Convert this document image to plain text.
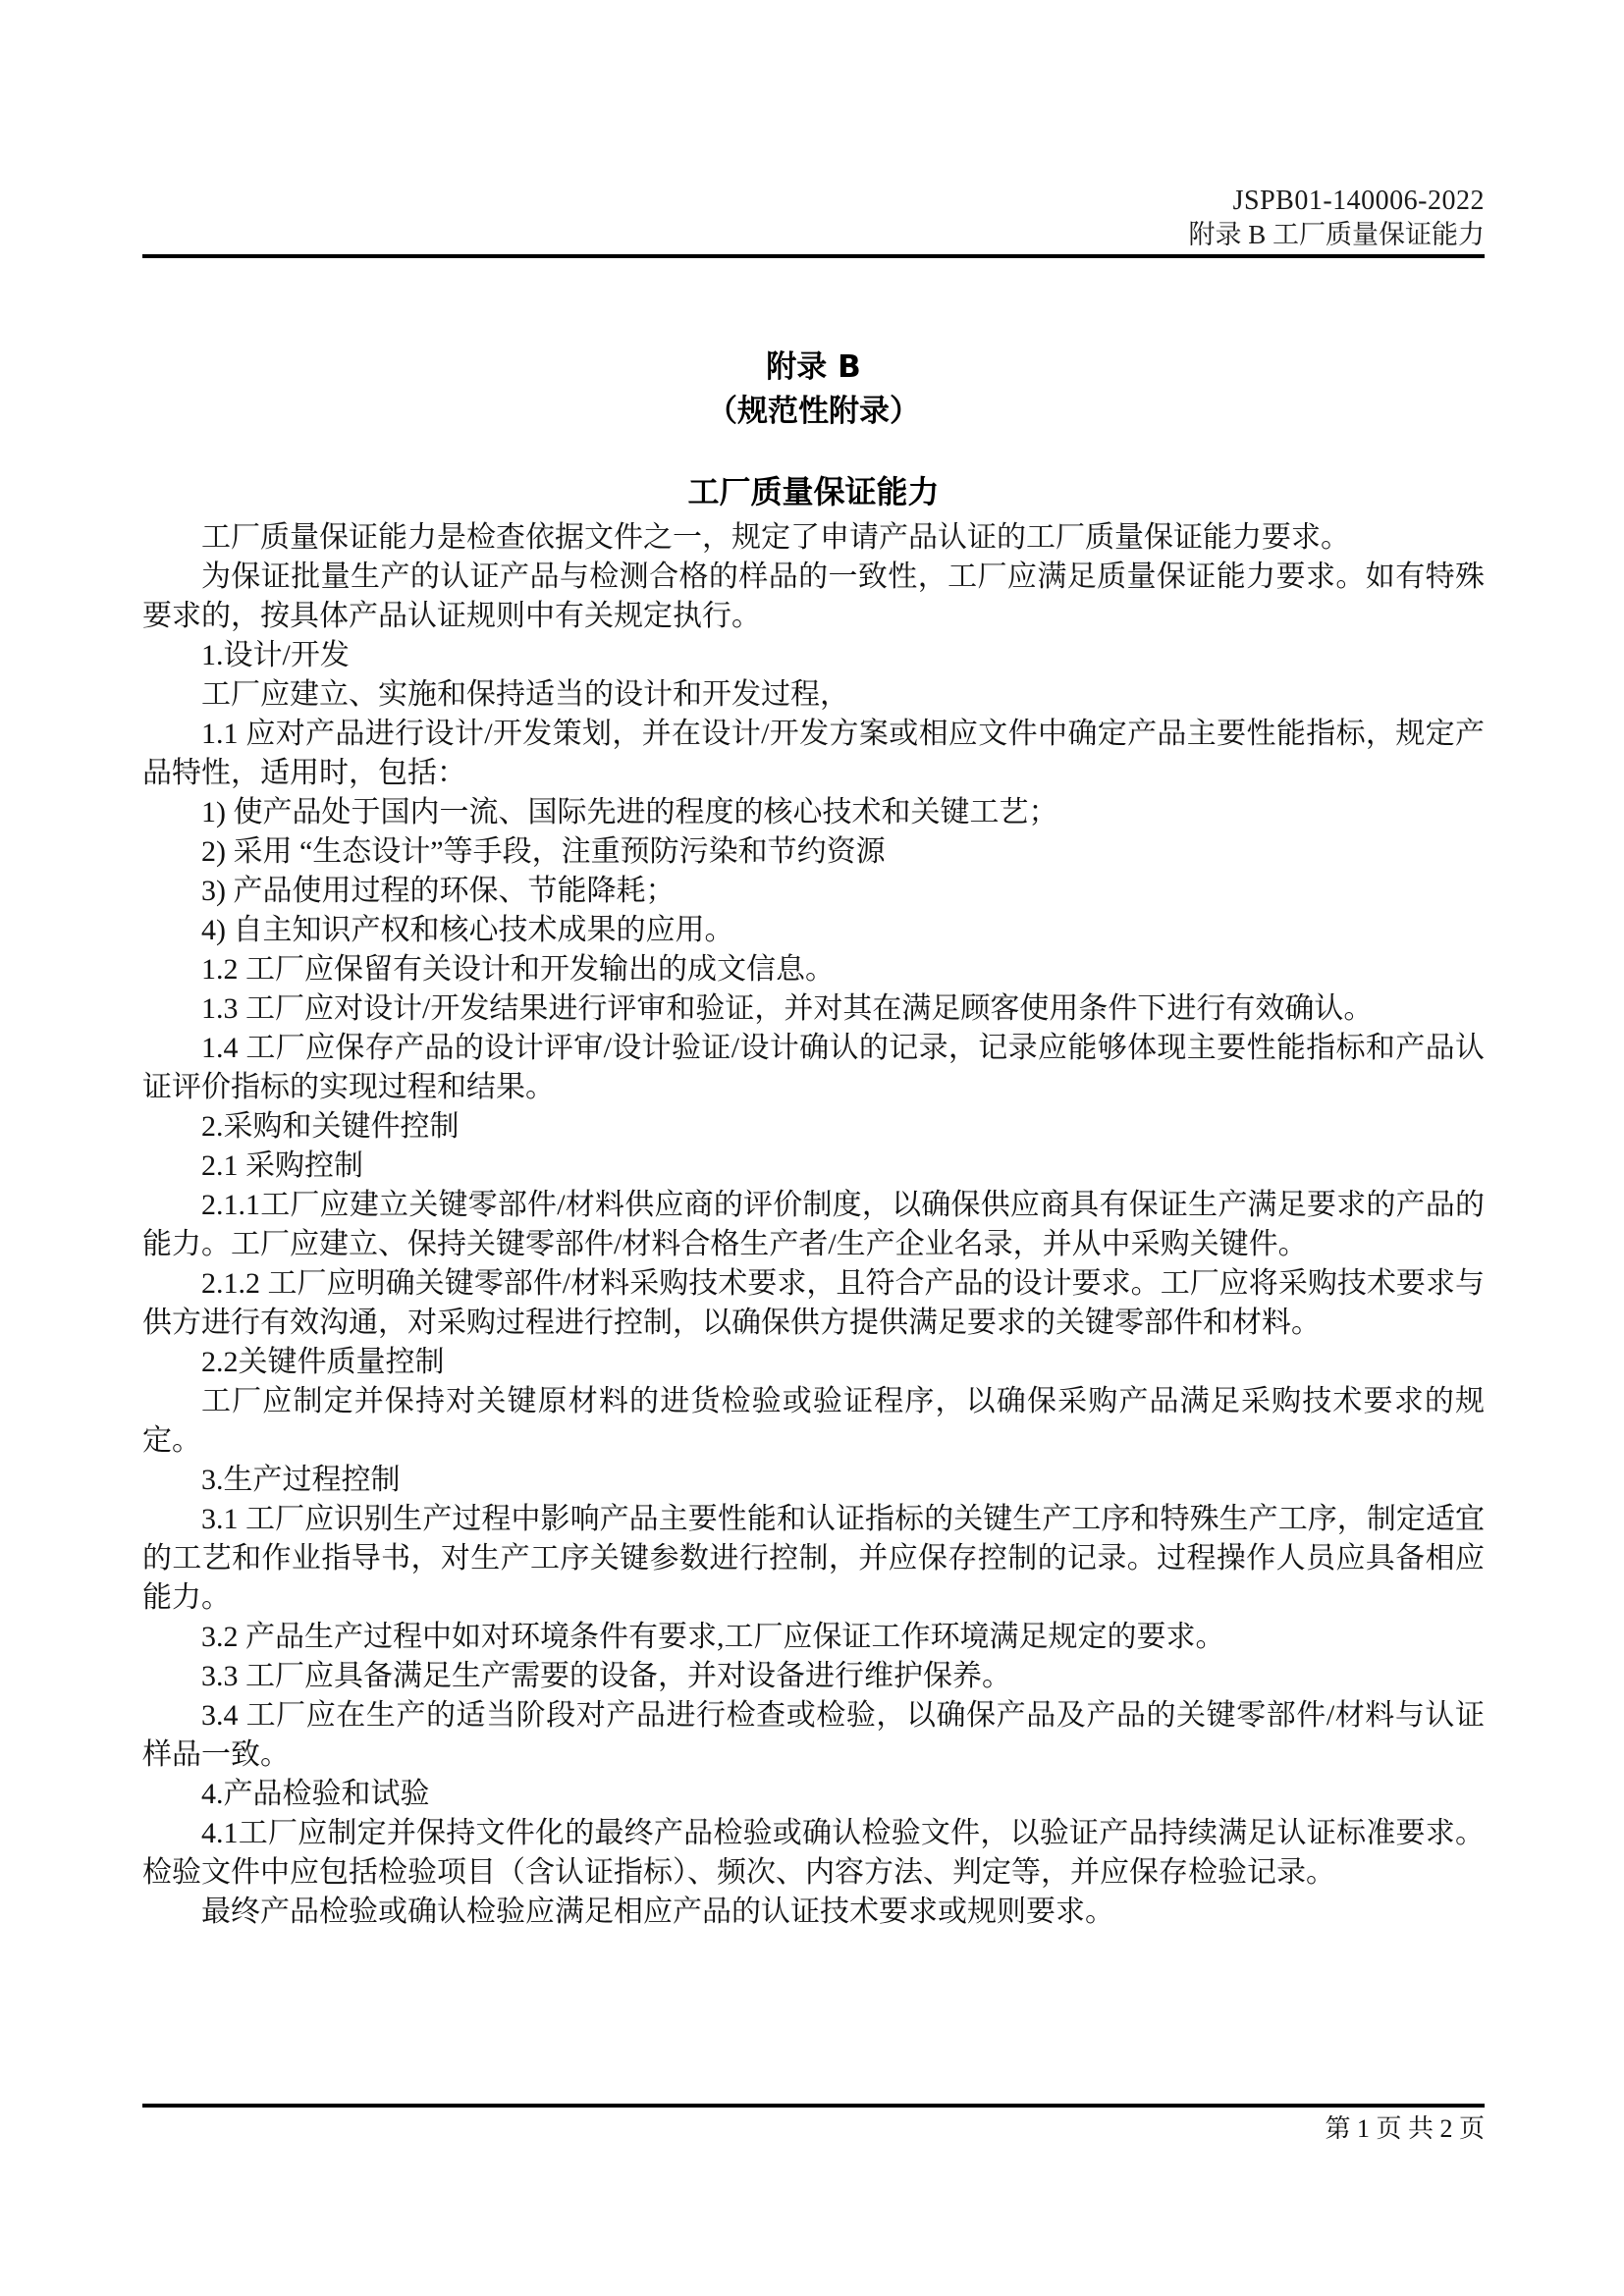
JSPB01-140006-2022
附录 B 工厂质量保证能力
附录 B
（规范性附录）
工厂质量保证能力

工厂质量保证能力是检查依据文件之一，规定了申请产品认证的工厂质量保证能力要求。

为保证批量生产的认证产品与检测合格的样品的一致性，工厂应满足质量保证能力要求。如有特殊要求的，按具体产品认证规则中有关规定执行。

1.设计/开发

工厂应建立、实施和保持适当的设计和开发过程，

1.1 应对产品进行设计/开发策划，并在设计/开发方案或相应文件中确定产品主要性能指标，规定产品特性，适用时，包括：

1) 使产品处于国内一流、国际先进的程度的核心技术和关键工艺；

2) 采用 “生态设计”等手段，注重预防污染和节约资源

3) 产品使用过程的环保、节能降耗；

4) 自主知识产权和核心技术成果的应用。

1.2 工厂应保留有关设计和开发输出的成文信息。

1.3 工厂应对设计/开发结果进行评审和验证，并对其在满足顾客使用条件下进行有效确认。

1.4 工厂应保存产品的设计评审/设计验证/设计确认的记录，记录应能够体现主要性能指标和产品认证评价指标的实现过程和结果。

2.采购和关键件控制

2.1 采购控制

2.1.1工厂应建立关键零部件/材料供应商的评价制度，以确保供应商具有保证生产满足要求的产品的能力。工厂应建立、保持关键零部件/材料合格生产者/生产企业名录，并从中采购关键件。

2.1.2 工厂应明确关键零部件/材料采购技术要求，且符合产品的设计要求。工厂应将采购技术要求与供方进行有效沟通，对采购过程进行控制，以确保供方提供满足要求的关键零部件和材料。

2.2关键件质量控制

工厂应制定并保持对关键原材料的进货检验或验证程序，以确保采购产品满足采购技术要求的规定。

3.生产过程控制

3.1 工厂应识别生产过程中影响产品主要性能和认证指标的关键生产工序和特殊生产工序，制定适宜的工艺和作业指导书，对生产工序关键参数进行控制，并应保存控制的记录。过程操作人员应具备相应能力。

3.2 产品生产过程中如对环境条件有要求,工厂应保证工作环境满足规定的要求。

3.3 工厂应具备满足生产需要的设备，并对设备进行维护保养。

3.4 工厂应在生产的适当阶段对产品进行检查或检验，以确保产品及产品的关键零部件/材料与认证样品一致。

4.产品检验和试验

4.1工厂应制定并保持文件化的最终产品检验或确认检验文件，以验证产品持续满足认证标准要求。检验文件中应包括检验项目（含认证指标）、频次、内容方法、判定等，并应保存检验记录。

最终产品检验或确认检验应满足相应产品的认证技术要求或规则要求。

第 1 页 共 2 页
